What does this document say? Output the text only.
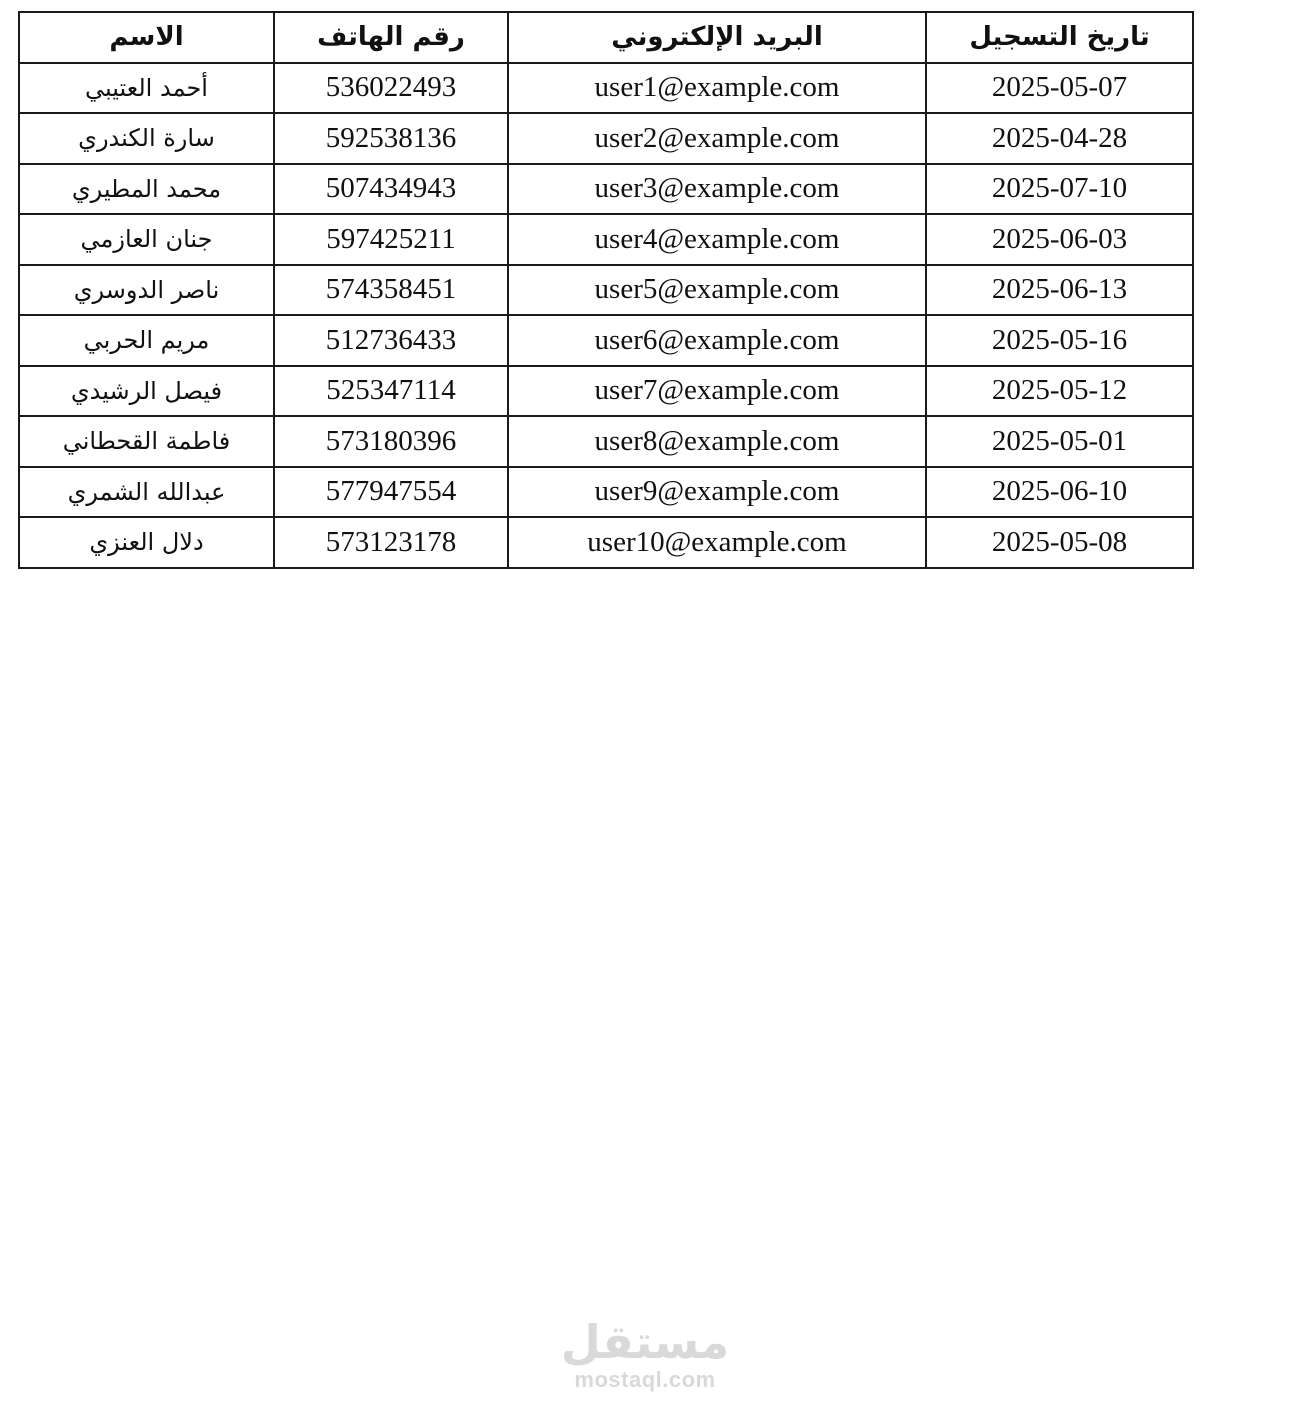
الاسم	رقم الهاتف	البريد الإلكتروني	تاريخ التسجيل
أحمد العتيبي	536022493	user1@example.com	2025-05-07
سارة الكندري	592538136	user2@example.com	2025-04-28
محمد المطيري	507434943	user3@example.com	2025-07-10
جنان العازمي	597425211	user4@example.com	2025-06-03
ناصر الدوسري	574358451	user5@example.com	2025-06-13
مريم الحربي	512736433	user6@example.com	2025-05-16
فيصل الرشيدي	525347114	user7@example.com	2025-05-12
فاطمة القحطاني	573180396	user8@example.com	2025-05-01
عبدالله الشمري	577947554	user9@example.com	2025-06-10
دلال العنزي	573123178	user10@example.com	2025-05-08
مستقل
mostaql.com
